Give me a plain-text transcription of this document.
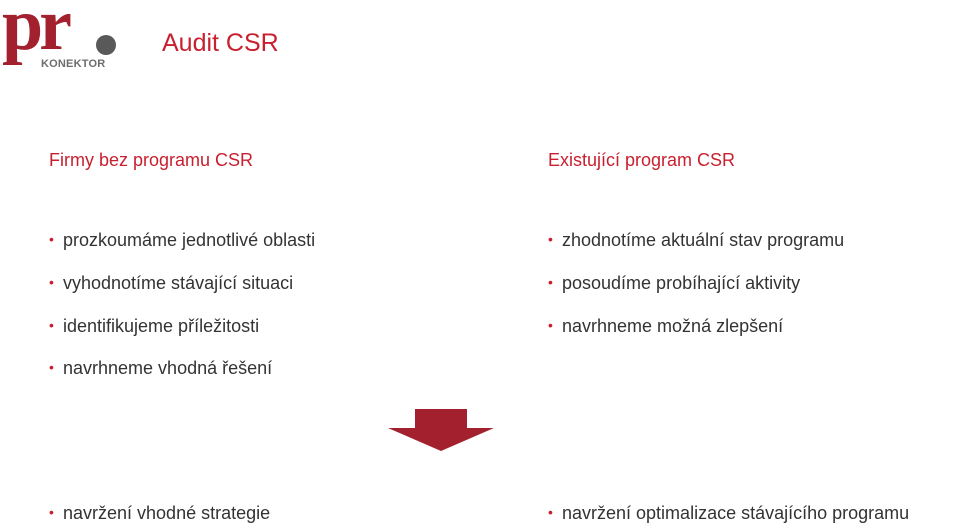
pr
KONEKTOR
Audit CSR
Firmy bez programu CSR	Existující program CSR
• prozkoumáme jednotlivé oblasti
• vyhodnotíme stávající situaci
• identifikujeme příležitosti
• navrhneme vhodná řešení
• zhodnotíme aktuální stav programu
• posoudíme probíhající aktivity
• navrhneme možná zlepšení
• navržení vhodné strategie	• navržení optimalizace stávajícího programu
